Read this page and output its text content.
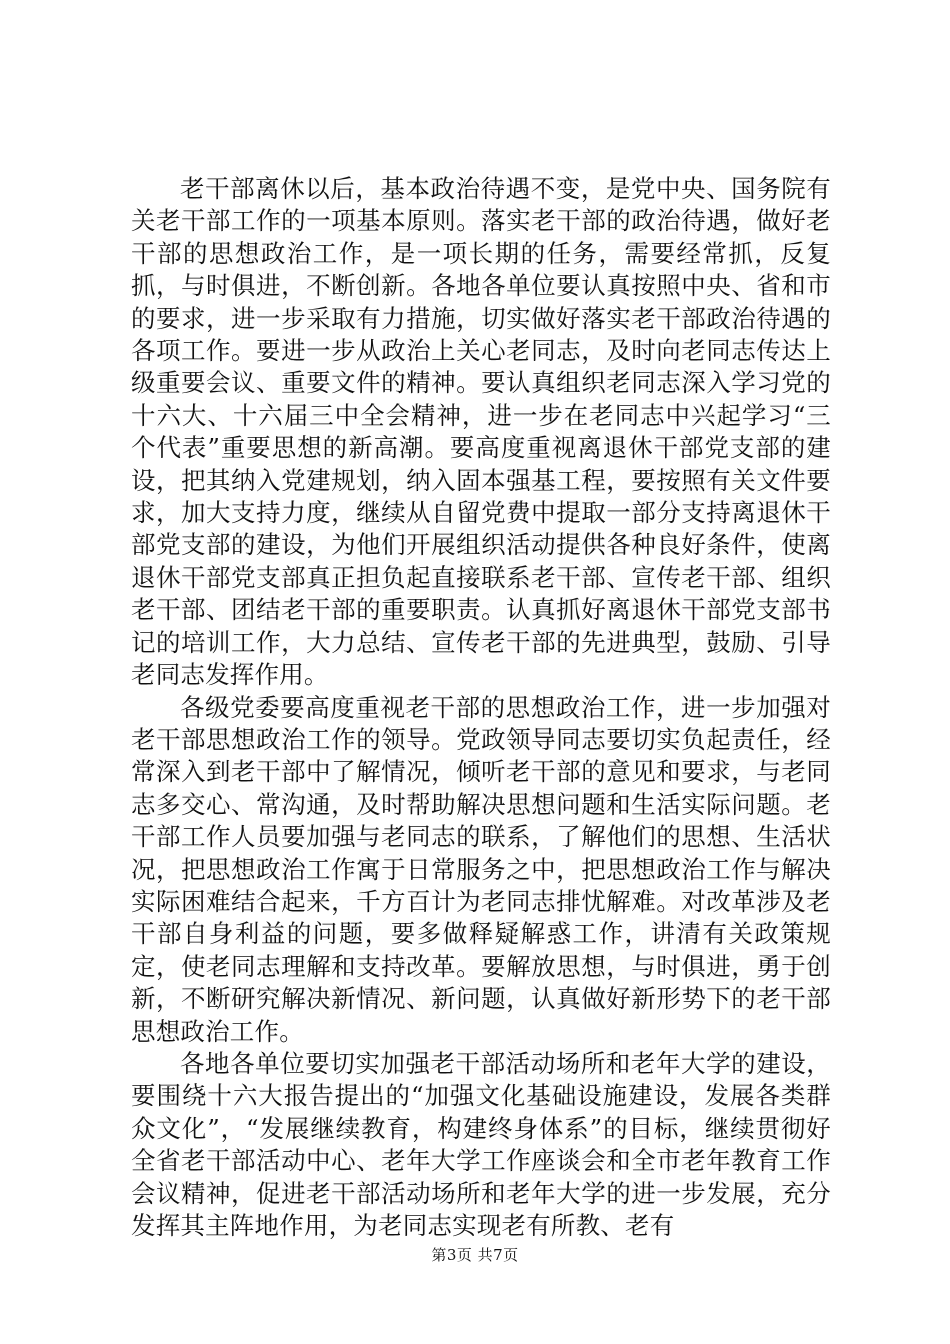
老干部离休以后，基本政治待遇不变，是党中央、国务院有关老干部工作的一项基本原则。落实老干部的政治待遇，做好老干部的思想政治工作，是一项长期的任务，需要经常抓，反复抓，与时俱进，不断创新。各地各单位要认真按照中央、省和市的要求，进一步采取有力措施，切实做好落实老干部政治待遇的各项工作。要进一步从政治上关心老同志，及时向老同志传达上级重要会议、重要文件的精神。要认真组织老同志深入学习党的十六大、十六届三中全会精神，进一步在老同志中兴起学习“三个代表”重要思想的新高潮。要高度重视离退休干部党支部的建设，把其纳入党建规划，纳入固本强基工程，要按照有关文件要求，加大支持力度，继续从自留党费中提取一部分支持离退休干部党支部的建设，为他们开展组织活动提供各种良好条件，使离退休干部党支部真正担负起直接联系老干部、宣传老干部、组织老干部、团结老干部的重要职责。认真抓好离退休干部党支部书记的培训工作，大力总结、宣传老干部的先进典型，鼓励、引导老同志发挥作用。

各级党委要高度重视老干部的思想政治工作，进一步加强对老干部思想政治工作的领导。党政领导同志要切实负起责任，经常深入到老干部中了解情况，倾听老干部的意见和要求，与老同志多交心、常沟通，及时帮助解决思想问题和生活实际问题。老干部工作人员要加强与老同志的联系，了解他们的思想、生活状况，把思想政治工作寓于日常服务之中，把思想政治工作与解决实际困难结合起来，千方百计为老同志排忧解难。对改革涉及老干部自身利益的问题，要多做释疑解惑工作，讲清有关政策规定，使老同志理解和支持改革。要解放思想，与时俱进，勇于创新，不断研究解决新情况、新问题，认真做好新形势下的老干部思想政治工作。

各地各单位要切实加强老干部活动场所和老年大学的建设，要围绕十六大报告提出的“加强文化基础设施建设，发展各类群众文化”，“发展继续教育，构建终身体系”的目标，继续贯彻好全省老干部活动中心、老年大学工作座谈会和全市老年教育工作会议精神，促进老干部活动场所和老年大学的进一步发展，充分发挥其主阵地作用，为老同志实现老有所教、老有

第3页 共7页
